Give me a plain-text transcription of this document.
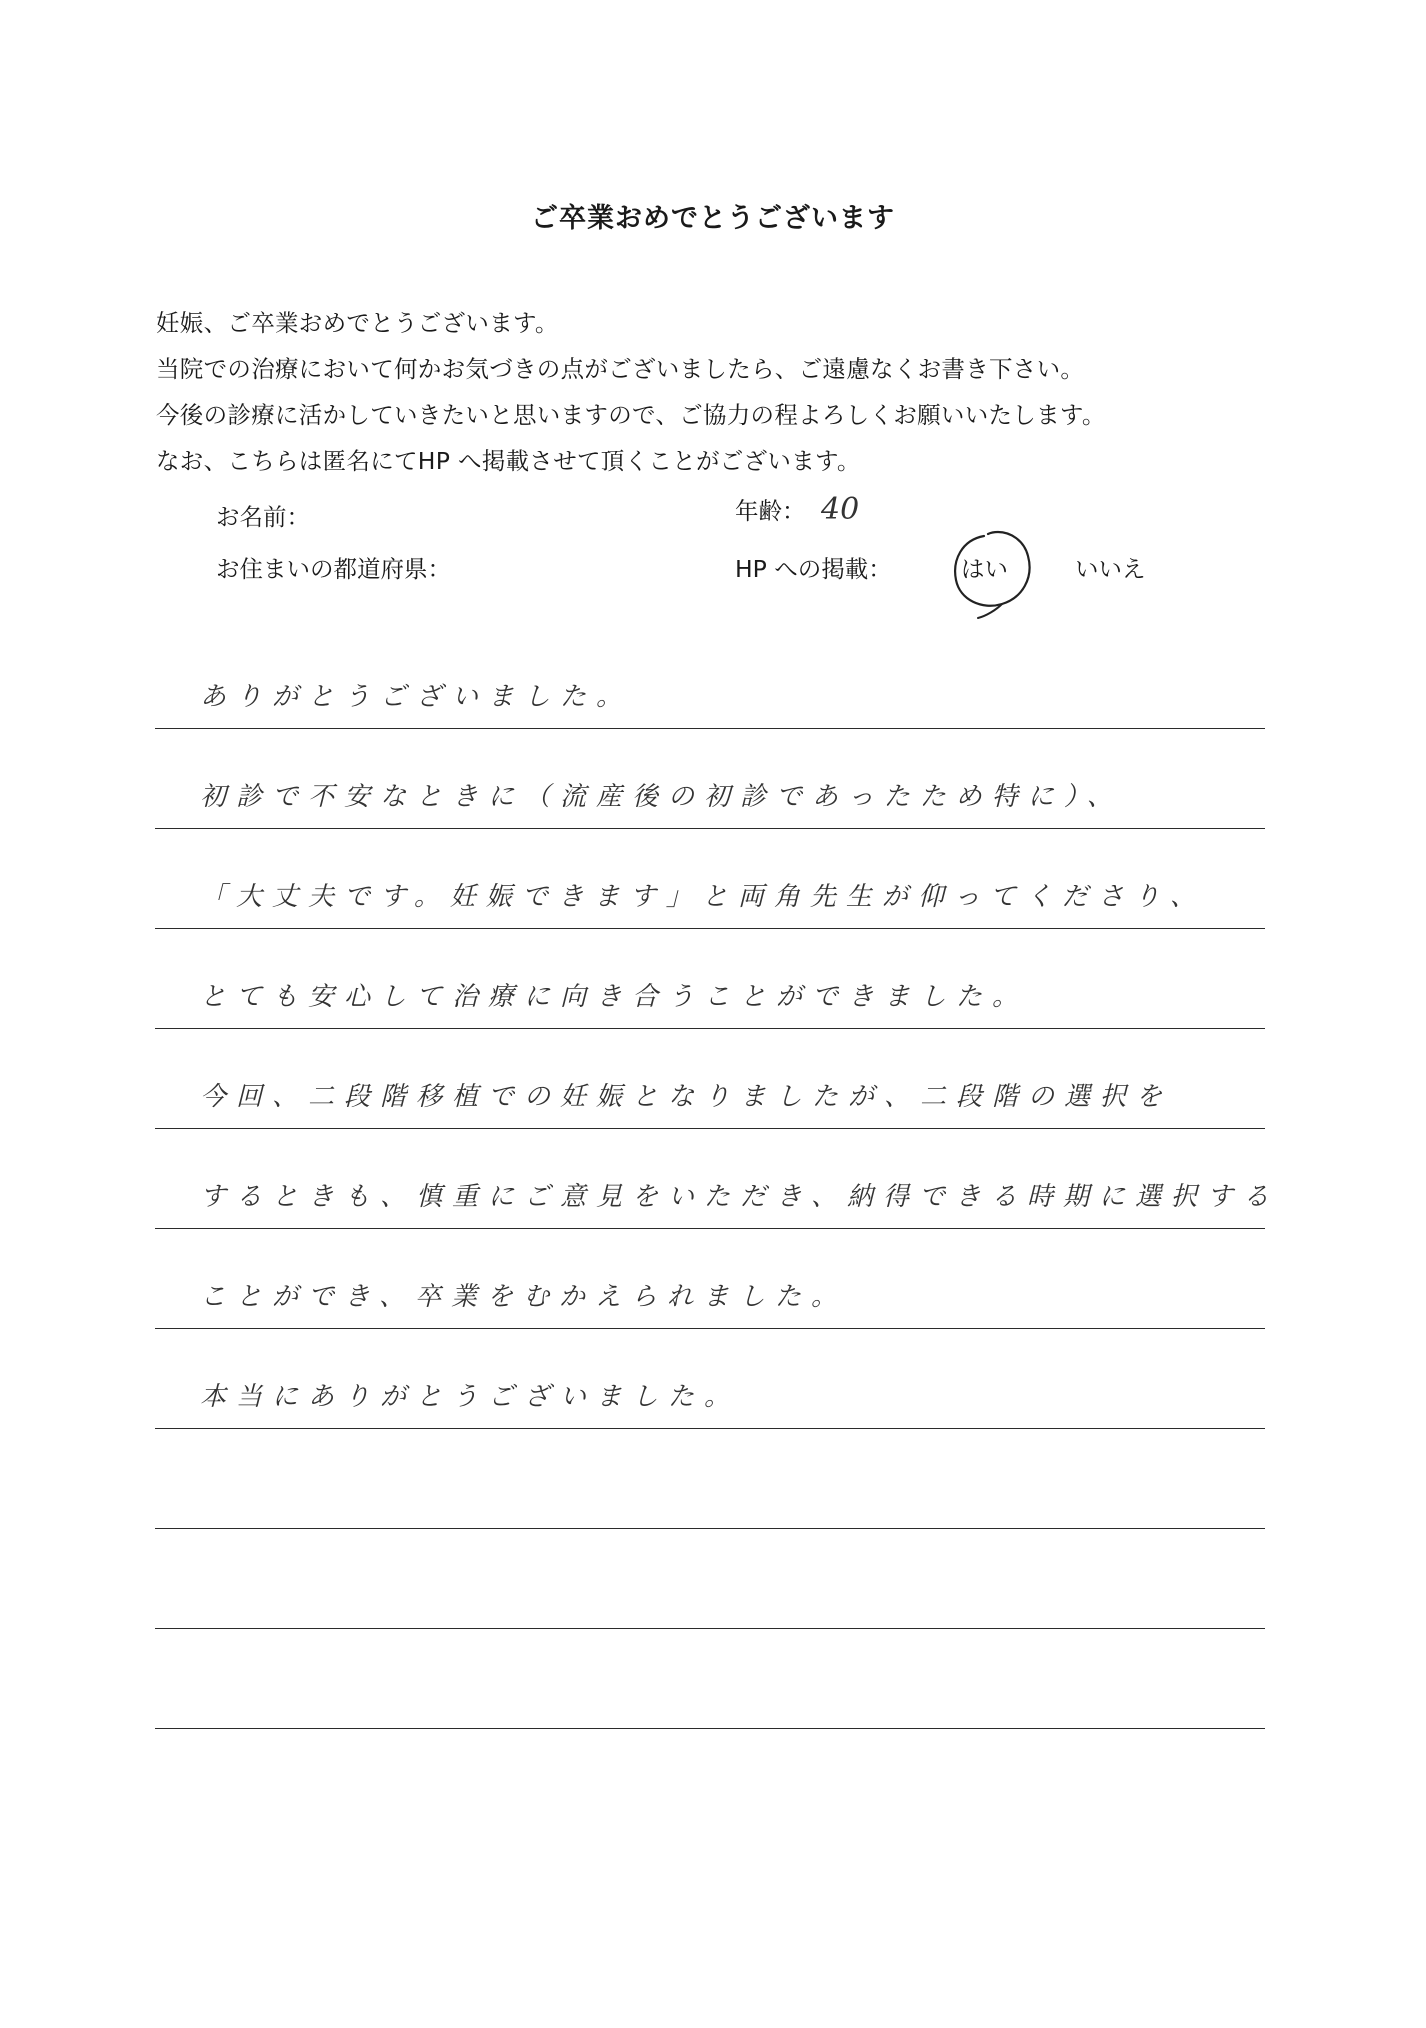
ご卒業おめでとうございます
妊娠、ご卒業おめでとうございます。
当院での治療において何かお気づきの点がございましたら、ご遠慮なくお書き下さい。
今後の診療に活かしていきたいと思いますので、ご協力の程よろしくお願いいたします。
なお、こちらは匿名にてHP へ掲載させて頂くことがございます。
お名前：	年齢： 40
お住まいの都道府県：	HP への掲載：	はい	いいえ
ありがとうございました。
初診で不安なときに（流産後の初診であったため特に）、
「大丈夫です。妊娠できます」と両角先生が仰ってくださり、
とても安心して治療に向き合うことができました。
今回、二段階移植での妊娠となりましたが、二段階の選択を
するときも、慎重にご意見をいただき、納得できる時期に選択する
ことができ、卒業をむかえられました。
本当にありがとうございました。
